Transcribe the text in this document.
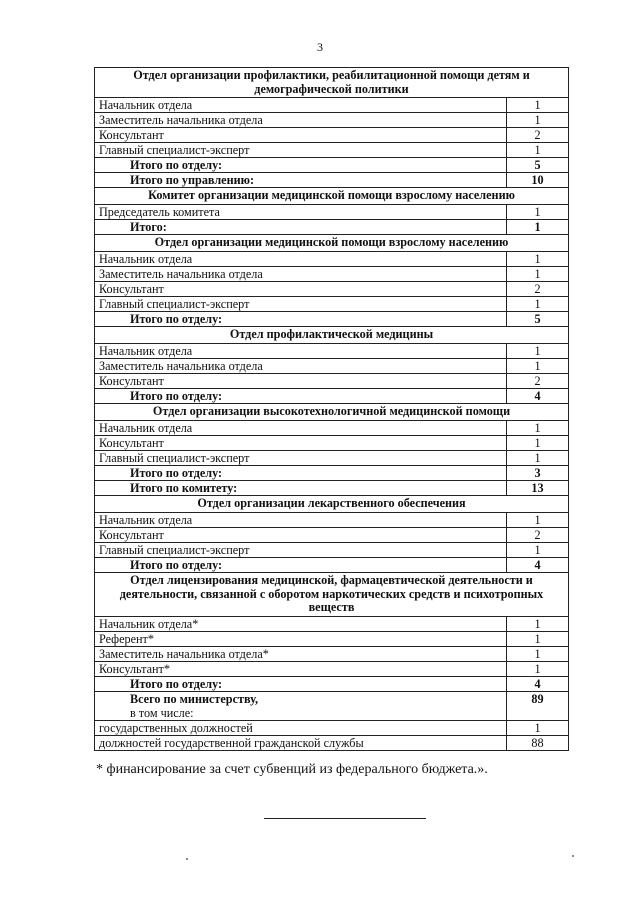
3
Отдел организации профилактики, реабилитационной помощи детям и демографической политики	
Начальник отдела	1
Заместитель начальника отдела	1
Консультант	2
Главный специалист-эксперт	1
Итого по отделу:	5
Итого по управлению:	10
Комитет организации медицинской помощи взрослому населению	
Председатель комитета	1
Итого:	1
Отдел организации медицинской помощи взрослому населению	
Начальник отдела	1
Заместитель начальника отдела	1
Консультант	2
Главный специалист-эксперт	1
Итого по отделу:	5
Отдел профилактической медицины	
Начальник отдела	1
Заместитель начальника отдела	1
Консультант	2
Итого по отделу:	4
Отдел организации высокотехнологичной медицинской помощи	
Начальник отдела	1
Консультант	1
Главный специалист-эксперт	1
Итого по отделу:	3
Итого по комитету:	13
Отдел организации лекарственного обеспечения	
Начальник отдела	1
Консультант	2
Главный специалист-эксперт	1
Итого по отделу:	4
Отдел лицензирования медицинской, фармацевтической деятельности и деятельности, связанной с оборотом наркотических средств и психотропных веществ	
Начальник отдела*	1
Референт*	1
Заместитель начальника отдела*	1
Консультант*	1
Итого по отделу:	4
Всего по министерству,
в том числе:	89
государственных должностей	1
должностей государственной гражданской службы	88
* финансирование за счет субвенций из федерального бюджета.».
